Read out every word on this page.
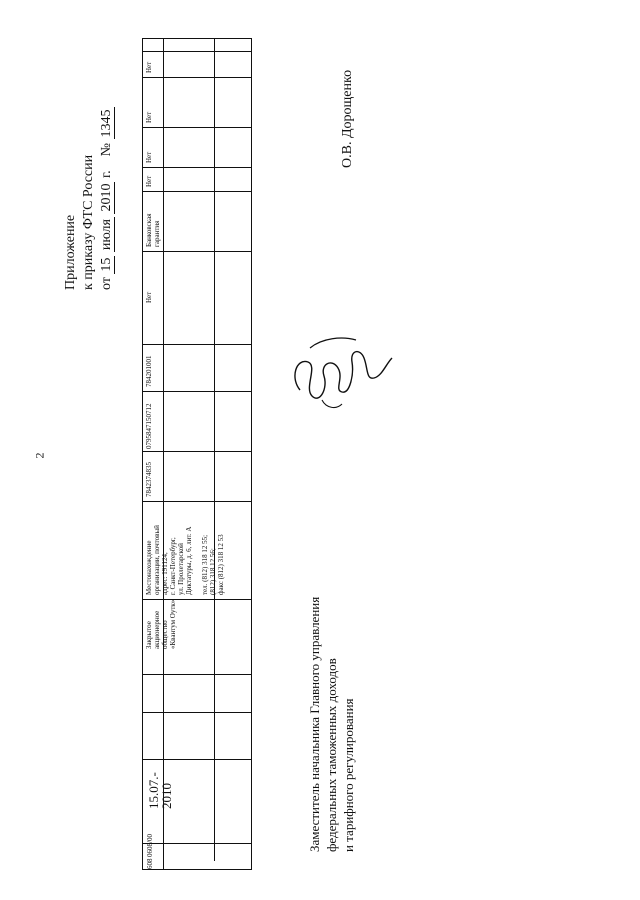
2
Приложение к приказу ФТС России от 15 июля 2010 г.    № 1345
608
0608/00
15.07.-
2010
Закрытое акционерное общество «Квантум Оутк»
Местонахождение организации, почтовый адрес: 191124, г. Санкт-Петербург, ул. Пролетарской Диктатуры, д. 6, лит. А
тел. (812) 318 12 55; (812) 318 12 56; факс (812) 318 12 53
7842374835
0795847150712
784201001
Нет
Банковская гарантия
Нет
Нет
Нет
Нет
Заместитель начальника Главного управления федеральных таможенных доходов и тарифного регулирования
О.В. Дорощенко
